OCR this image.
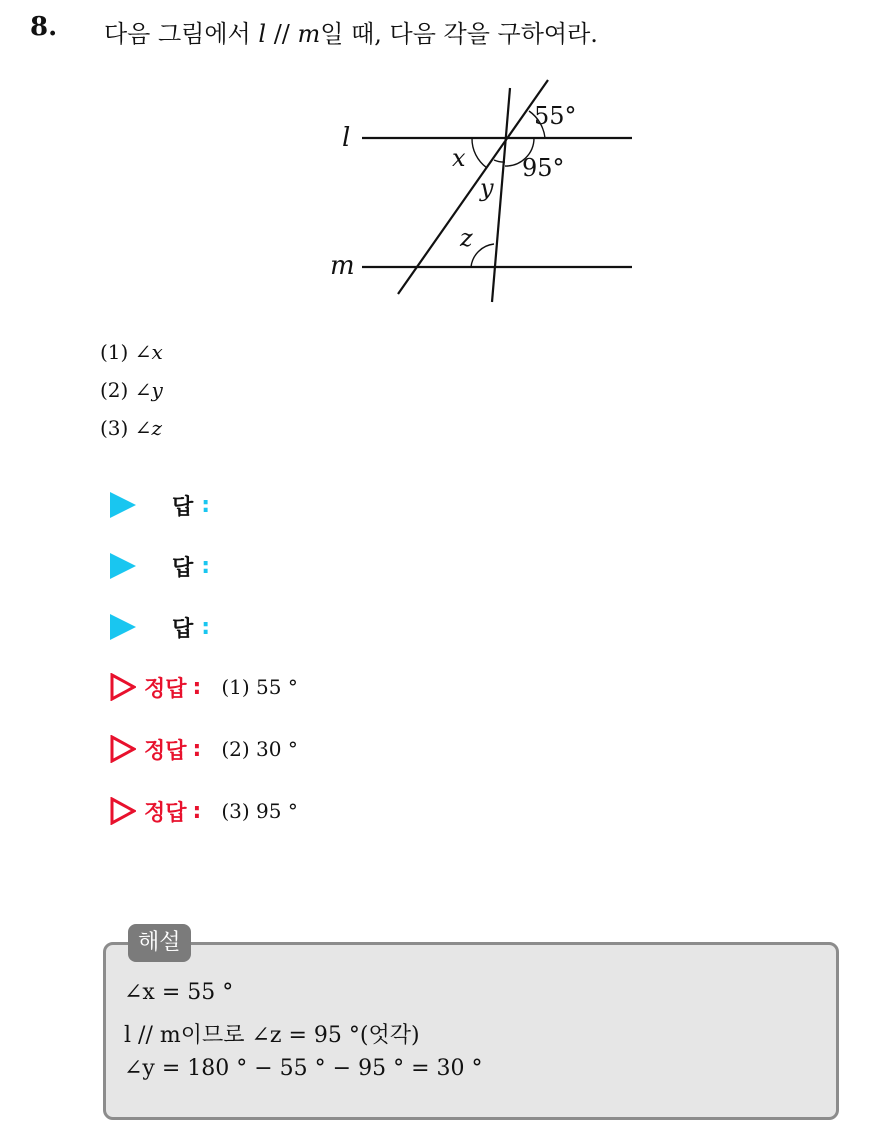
8. 다음 그림에서 l // m일 때, 다음 각을 구하여라.
l
m
55°
95°
x
y
z
(1) ∠x
(2) ∠y
(3) ∠z
답 :
답 :
답 :
정답 : (1) 55 °
정답 : (2) 30 °
정답 : (3) 95 °
해설
∠x = 55 °
l // m이므로 ∠z = 95 °(엇각)
∠y = 180 ° − 55 ° − 95 ° = 30 °
